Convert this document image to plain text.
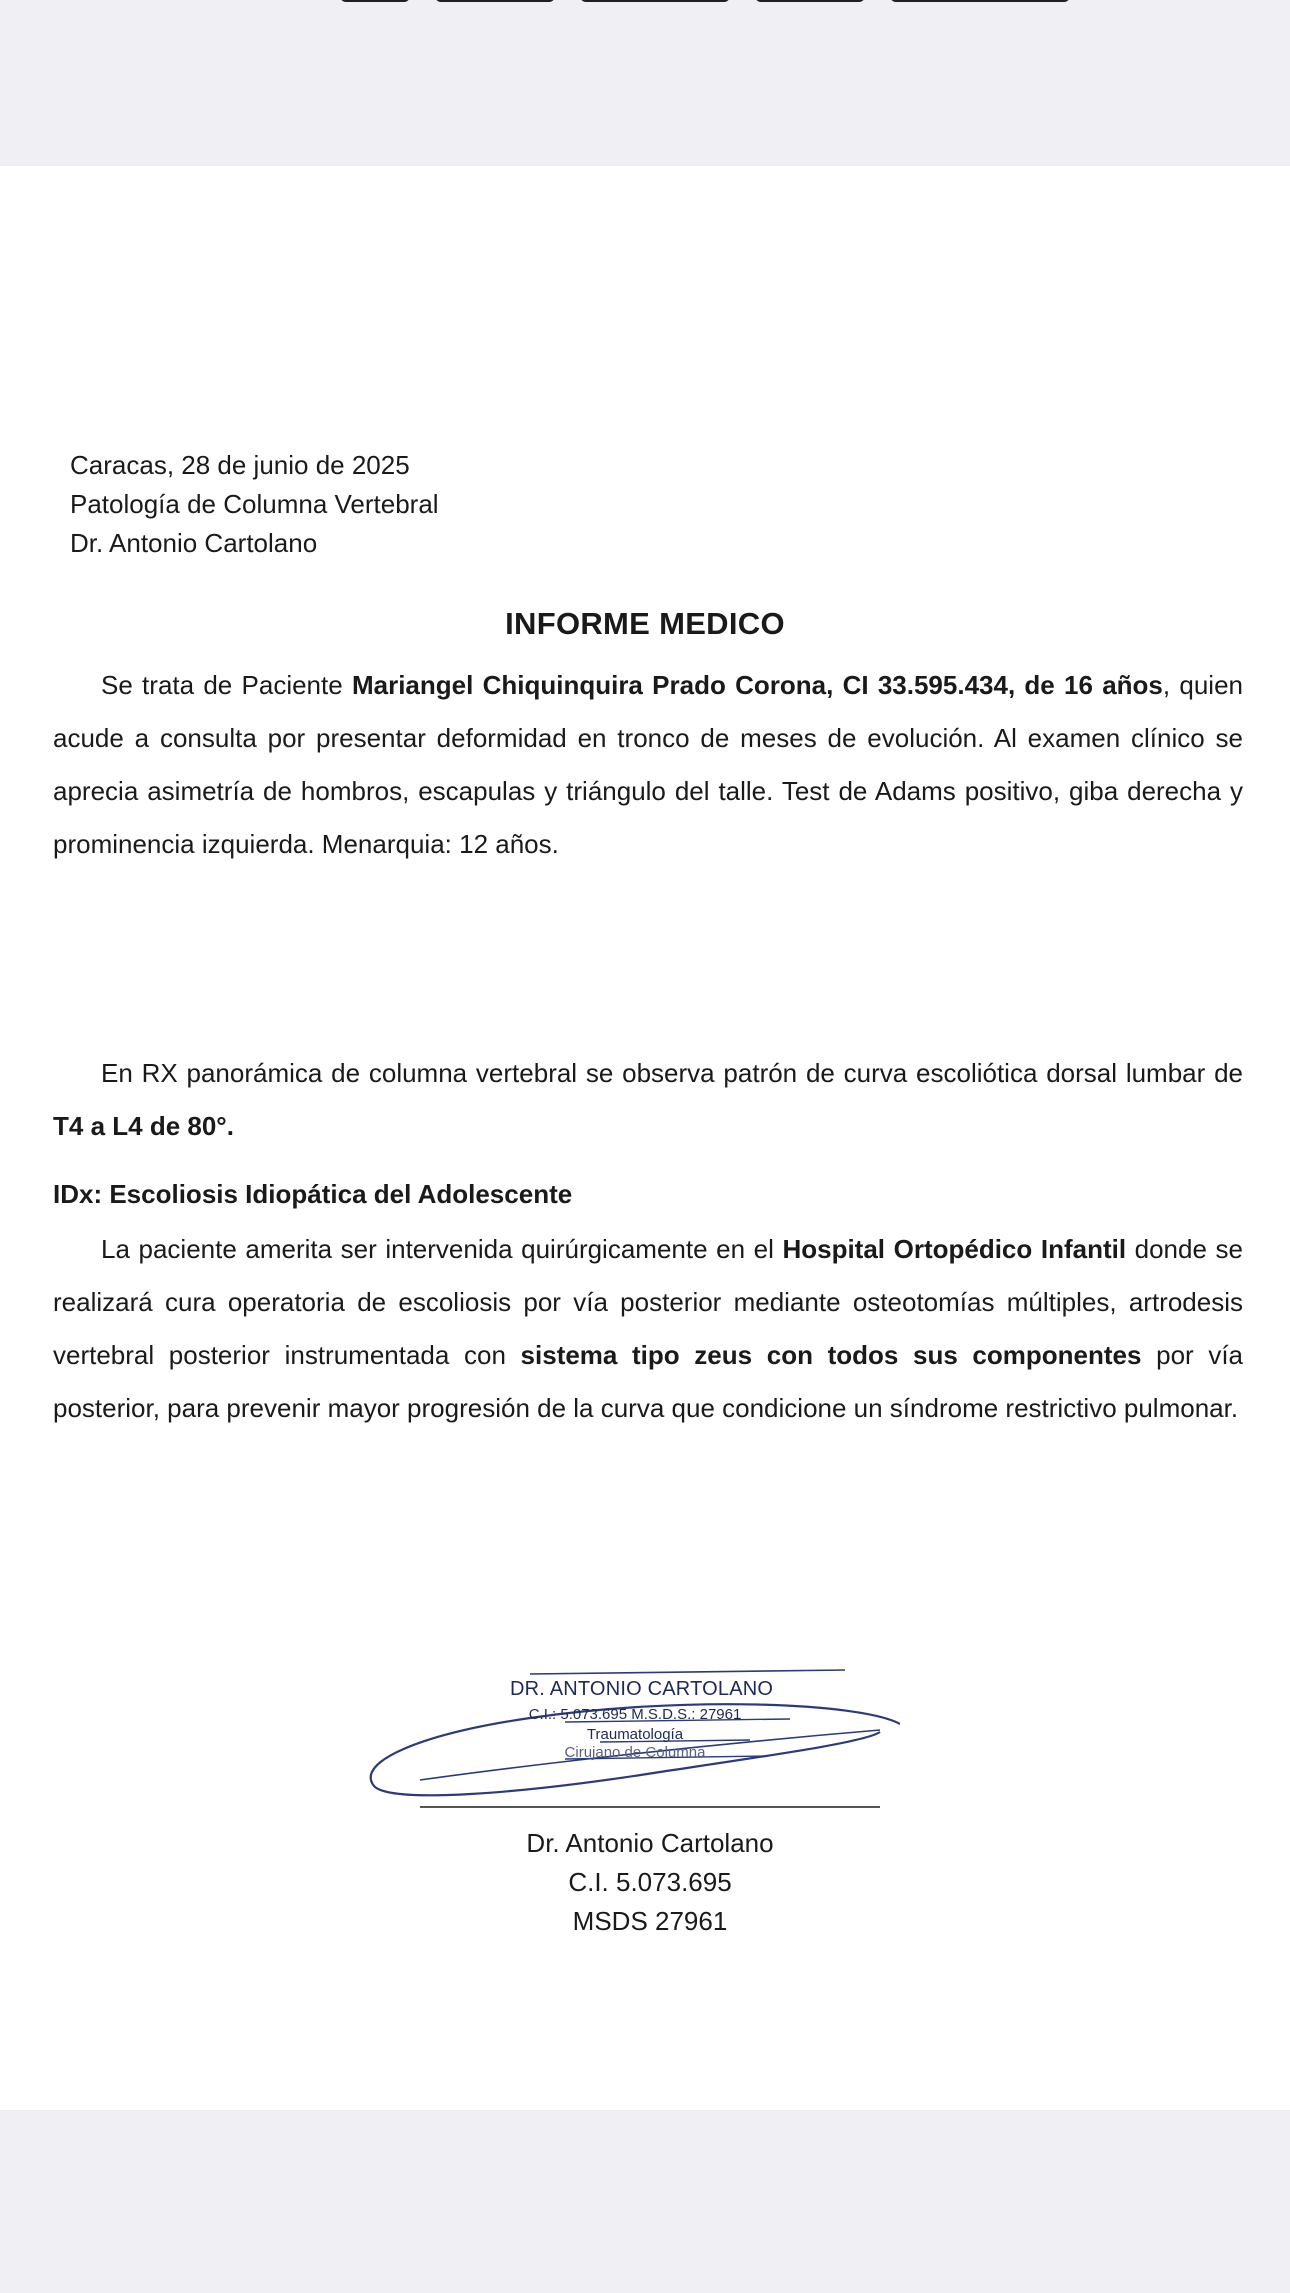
Caracas, 28 de junio de 2025
Patología de Columna Vertebral
Dr. Antonio Cartolano
INFORME MEDICO
Se trata de Paciente Mariangel Chiquinquira Prado Corona, CI 33.595.434, de 16 años, quien acude a consulta por presentar deformidad en tronco de meses de evolución. Al examen clínico se aprecia asimetría de hombros, escapulas y triángulo del talle. Test de Adams positivo, giba derecha y prominencia izquierda. Menarquia: 12 años.
En RX panorámica de columna vertebral se observa patrón de curva escoliótica dorsal lumbar de T4 a L4 de 80°.
IDx: Escoliosis Idiopática del Adolescente
La paciente amerita ser intervenida quirúrgicamente en el Hospital Ortopédico Infantil donde se realizará cura operatoria de escoliosis por vía posterior mediante osteotomías múltiples, artrodesis vertebral posterior instrumentada con sistema tipo zeus con todos sus componentes por vía posterior, para prevenir mayor progresión de la curva que condicione un síndrome restrictivo pulmonar.
DR. ANTONIO CARTOLANO
C.I.: 5.073.695 M.S.D.S.: 27961
Traumatología
Cirujano de Columna
Dr. Antonio Cartolano
C.I. 5.073.695
MSDS 27961
